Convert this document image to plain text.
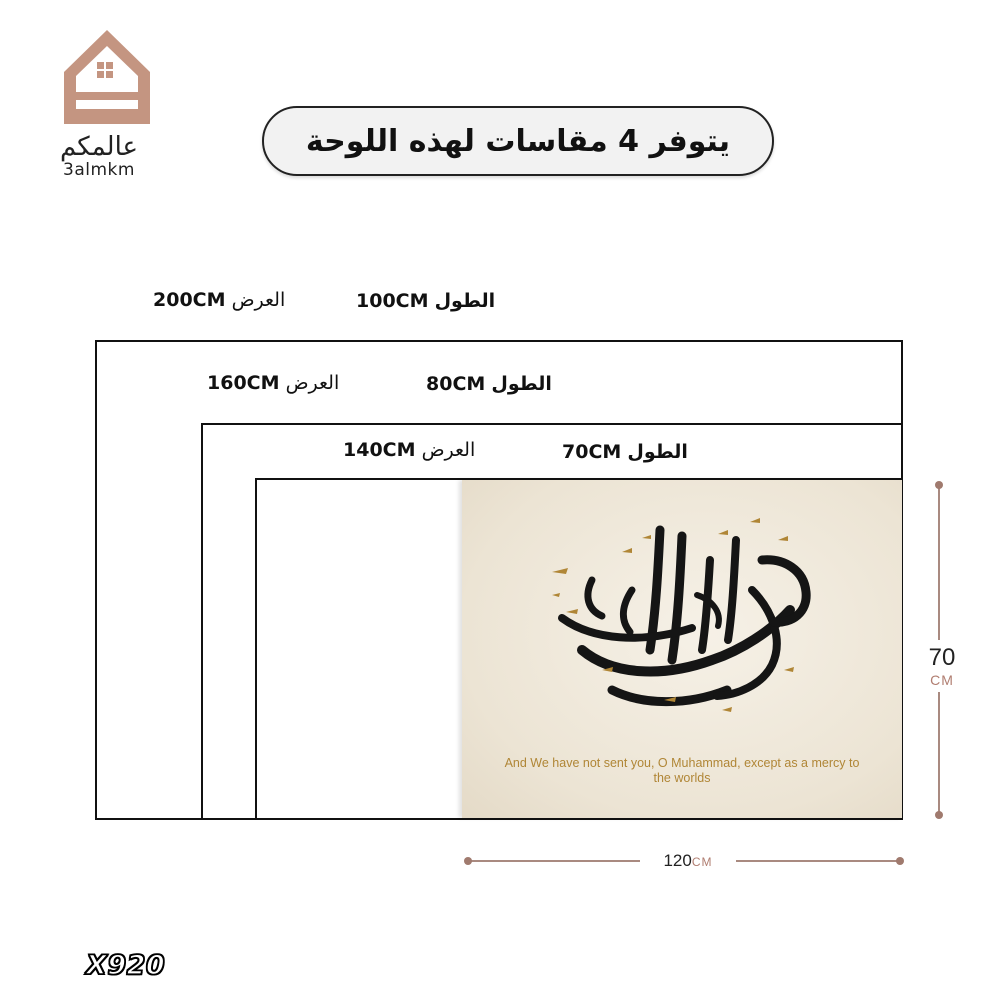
عالمكم
3almkm
يتوفر 4 مقاسات لهذه اللوحة
200CM العرض	100CM الطول
160CM العرض	80CM الطول
140CM العرض	70CM الطول
And We have not sent you, O Muhammad, except as a mercy to the worlds
70
CM
120CM
X920
